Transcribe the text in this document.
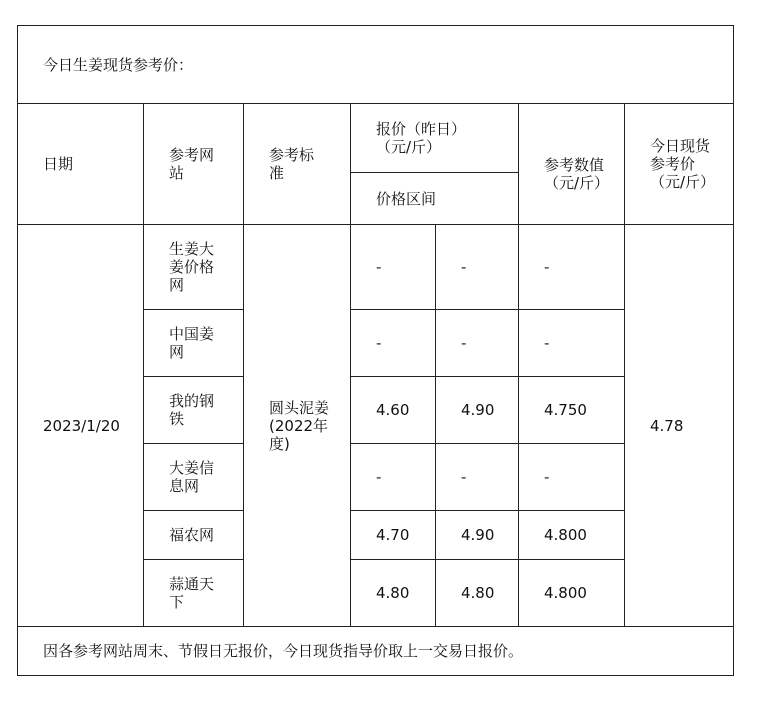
今日生姜现货参考价：						
日期	参考网站	参考标准	报价（昨日）（元/斤）		参考数值（元/斤）	今日现货参考价（元/斤）
			价格区间			
2023/1/20	生姜大姜价格网	圆头泥姜(2022年度)	-	-	-	4.78
	中国姜网		-	-	-	
	我的钢铁		4.60	4.90	4.750	
	大姜信息网		-	-	-	
	福农网		4.70	4.90	4.800	
	蒜通天下		4.80	4.80	4.800	
因各参考网站周末、节假日无报价，今日现货指导价取上一交易日报价。						
